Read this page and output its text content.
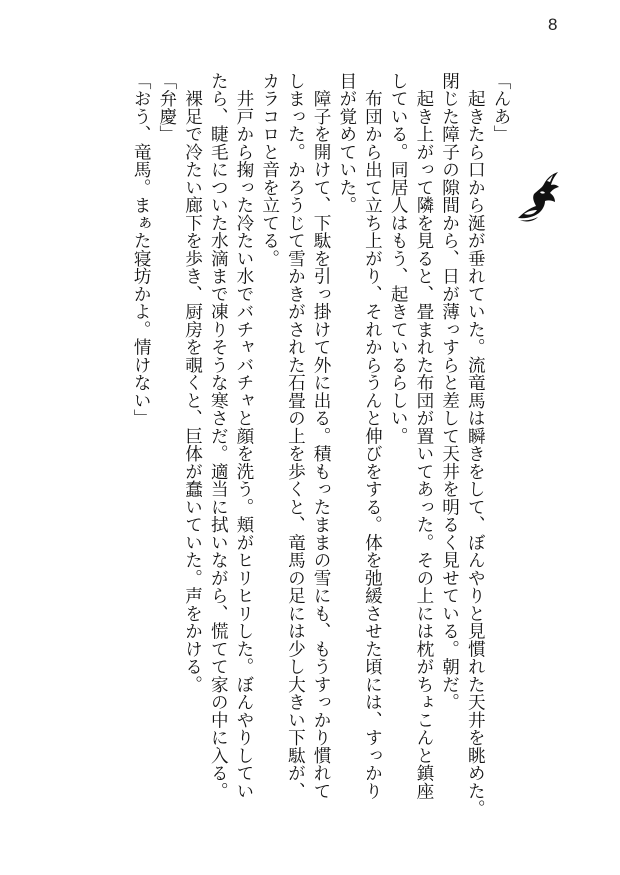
8

「んあ」

　起きたら口から涎が垂れていた。流竜馬は瞬きをして、ぼんやりと見慣れた天井を眺めた。

閉じた障子の隙間から、日が薄っすらと差して天井を明るく見せている。朝だ。

　起き上がって隣を見ると、畳まれた布団が置いてあった。その上には枕がちょこんと鎮座

している。同居人はもう、起きているらしい。

　布団から出て立ち上がり、それからうんと伸びをする。体を弛緩させた頃には、すっかり

目が覚めていた。

　障子を開けて、下駄を引っ掛けて外に出る。積もったままの雪にも、もうすっかり慣れて

しまった。かろうじて雪かきがされた石畳の上を歩くと、竜馬の足には少し大きい下駄が、

カラコロと音を立てる。

　井戸から掬った冷たい水でバチャバチャと顔を洗う。頬がヒリヒリした。ぼんやりしてい

たら、睫毛についた水滴まで凍りそうな寒さだ。適当に拭いながら、慌てて家の中に入る。

　裸足で冷たい廊下を歩き、厨房を覗くと、巨体が蠢いていた。声をかける。

「弁慶」

「おう、竜馬。まぁた寝坊かよ。情けない」
